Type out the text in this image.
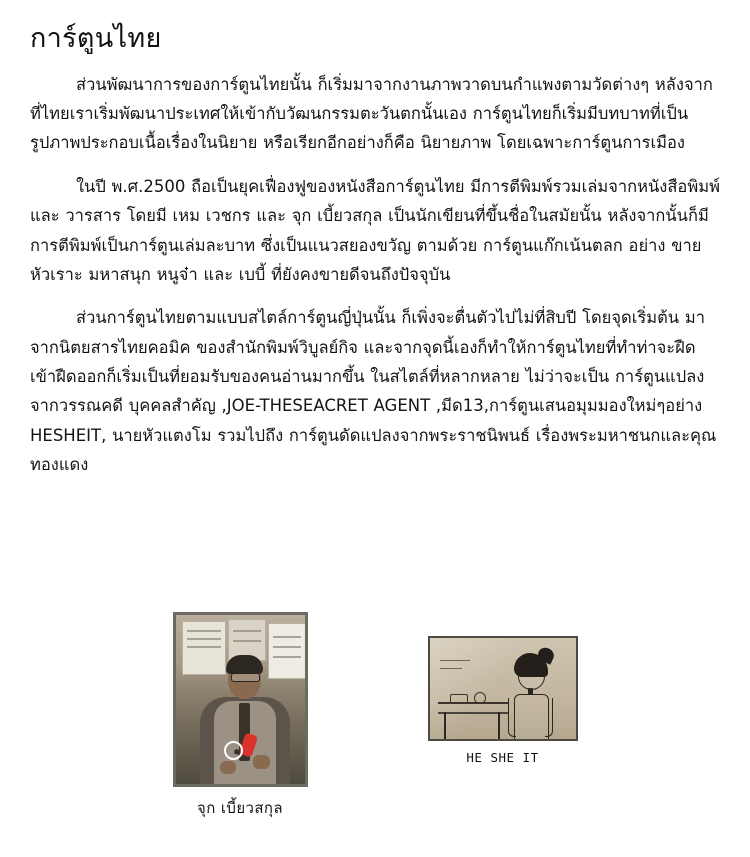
การ์ตูนไทย

ส่วนพัฒนาการของการ์ตูนไทยนั้น ก็เริ่มมาจากงานภาพวาดบนกำแพงตามวัดต่างๆ หลังจากที่ไทยเราเริ่มพัฒนาประเทศให้เข้ากับวัฒนกรรมตะวันตกนั้นเอง การ์ตูนไทยก็เริ่มมีบทบาทที่เป็นรูปภาพประกอบเนื้อเรื่องในนิยาย หรือเรียกอีกอย่างก็คือ นิยายภาพ โดยเฉพาะการ์ตูนการเมือง

ในปี พ.ศ.2500 ถือเป็นยุคเฟื่องฟูของหนังสือการ์ตูนไทย มีการตีพิมพ์รวมเล่มจากหนังสือพิมพ์ และ วารสาร โดยมี เหม เวชกร และ จุก เบี้ยวสกุล เป็นนักเขียนที่ขึ้นชื่อในสมัยนั้น หลังจากนั้นก็มีการตีพิมพ์เป็นการ์ตูนเล่มละบาท ซึ่งเป็นแนวสยองขวัญ ตามด้วย การ์ตูนแก๊กเน้นตลก อย่าง ขายหัวเราะ มหาสนุก หนูจ๋า และ เบบี้ ที่ยังคงขายดีจนถึงปัจจุบัน

ส่วนการ์ตูนไทยตามแบบสไตล์การ์ตูนญี่ปุ่นนั้น ก็เพิ่งจะตื่นตัวไปไม่ที่สิบปี โดยจุดเริ่มต้น มาจากนิตยสารไทยคอมิค ของสำนักพิมพ์วิบูลย์กิจ และจากจุดนี้เองก็ทำให้การ์ตูนไทยที่ทำท่าจะฝืดเข้าฝืดออกก็เริ่มเป็นที่ยอมรับของคนอ่านมากขึ้น ในสไตล์ที่หลากหลาย ไม่ว่าจะเป็น การ์ตูนแปลงจากวรรณคดี บุคคลสำคัญ ,JOE-THESEACRET AGENT ,มีด13,การ์ตูนเสนอมุมมองใหม่ๆอย่าง HESHEIT, นายหัวแตงโม รวมไปถึง การ์ตูนดัดแปลงจากพระราชนิพนธ์ เรื่องพระมหาชนกและคุณทองแดง

จุก เบี้ยวสกุล
HE SHE IT
